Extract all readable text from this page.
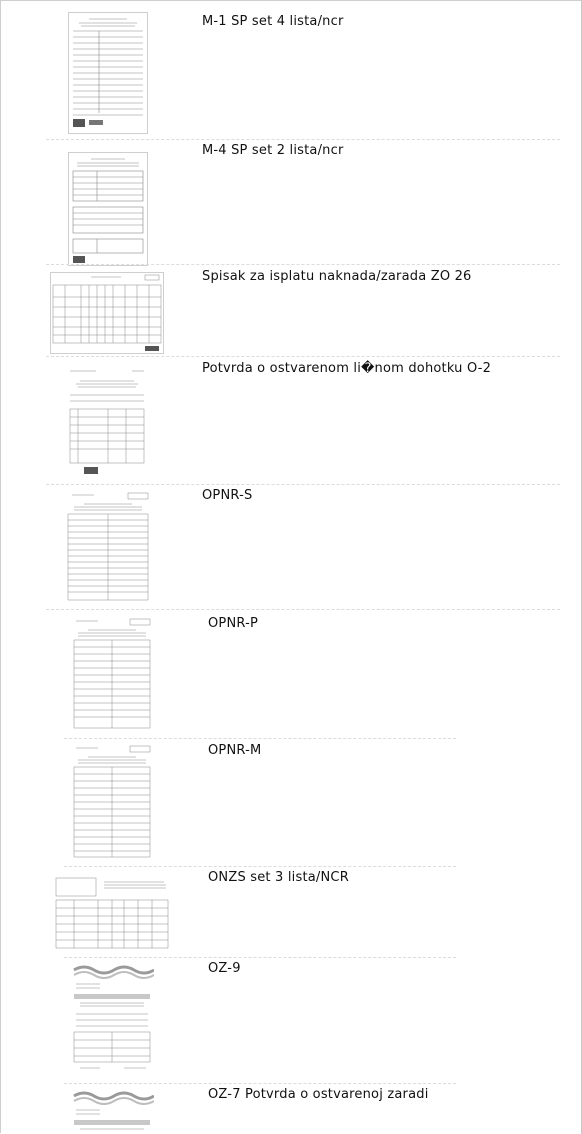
M-1 SP set 4 lista/ncr
M-4 SP set 2 lista/ncr
Spisak za isplatu naknada/zarada ZO 26
Potvrda o ostvarenom li�nom dohotku O-2
OPNR-S
OPNR-P
OPNR-M
ONZS set 3 lista/NCR
OZ-9
OZ-7 Potvrda o ostvarenoj zaradi
